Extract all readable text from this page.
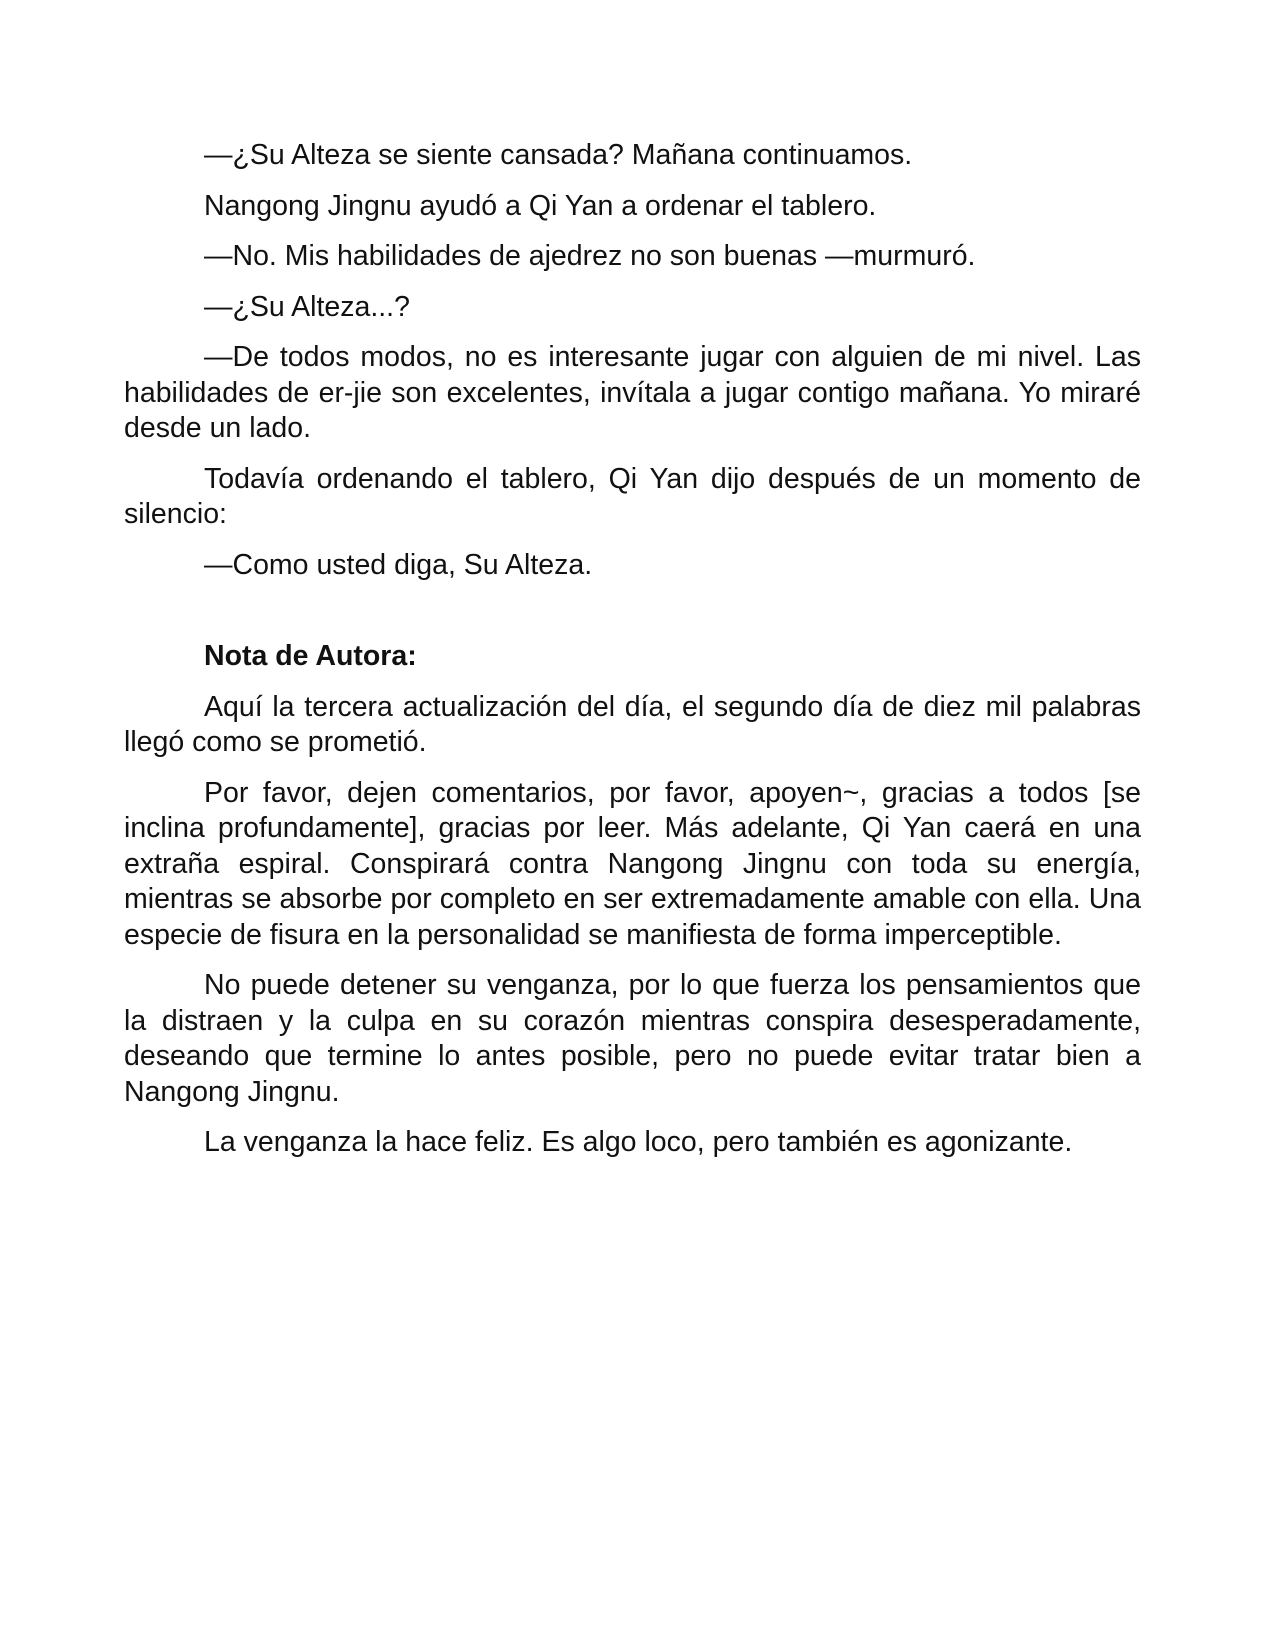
—¿Su Alteza se siente cansada? Mañana continuamos.

Nangong Jingnu ayudó a Qi Yan a ordenar el tablero.

—No. Mis habilidades de ajedrez no son buenas —murmuró.

—¿Su Alteza...?

—De todos modos, no es interesante jugar con alguien de mi nivel. Las habilidades de er-jie son excelentes, invítala a jugar contigo mañana. Yo miraré desde un lado.

Todavía ordenando el tablero, Qi Yan dijo después de un momento de silencio:

—Como usted diga, Su Alteza.

Nota de Autora:

Aquí la tercera actualización del día, el segundo día de diez mil palabras llegó como se prometió.

Por favor, dejen comentarios, por favor, apoyen~, gracias a todos [se inclina profundamente], gracias por leer. Más adelante, Qi Yan caerá en una extraña espiral. Conspirará contra Nangong Jingnu con toda su energía, mientras se absorbe por completo en ser extremadamente amable con ella. Una especie de fisura en la personalidad se manifiesta de forma imperceptible.

No puede detener su venganza, por lo que fuerza los pensamientos que la distraen y la culpa en su corazón mientras conspira desesperadamente, deseando que termine lo antes posible, pero no puede evitar tratar bien a Nangong Jingnu.

La venganza la hace feliz. Es algo loco, pero también es agonizante.
